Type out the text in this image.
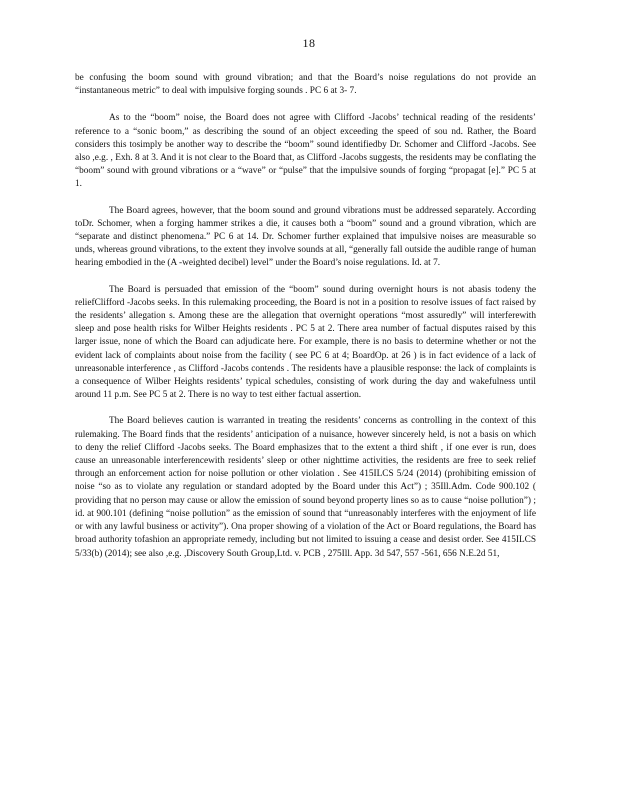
18

be confusing the boom sound with ground vibration; and that the Board’s noise regulations do not provide an “instantaneous metric” to deal with impulsive forging sounds . PC 6 at 3- 7.

As to the “boom” noise, the Board does not agree with Clifford -Jacobs’ technical reading of the residents’ reference to a “sonic boom,” as describing the sound of an object exceeding the speed of sou nd. Rather, the Board considers this tosimply be another way to describe the “boom” sound identifiedby Dr. Schomer and Clifford -Jacobs. See also ,e.g. , Exh. 8 at 3. And it is not clear to the Board that, as Clifford -Jacobs suggests, the residents may be conflating the “boom” sound with ground vibrations or a “wave” or “pulse” that the impulsive sounds of forging “propagat [e].” PC 5 at 1.

The Board agrees, however, that the boom sound and ground vibrations must be addressed separately. According toDr. Schomer, when a forging hammer strikes a die, it causes both a “boom” sound and a ground vibration, which are “separate and distinct phenomena.” PC 6 at 14. Dr. Schomer further explained that impulsive noises are measurable so unds, whereas ground vibrations, to the extent they involve sounds at all, “generally fall outside the audible range of human hearing embodied in the (A -weighted decibel) level” under the Board’s noise regulations. Id. at 7.

The Board is persuaded that emission of the “boom” sound during overnight hours is not abasis todeny the reliefClifford -Jacobs seeks. In this rulemaking proceeding, the Board is not in a position to resolve issues of fact raised by the residents’ allegation s. Among these are the allegation that overnight operations “most assuredly” will interferewith sleep and pose health risks for Wilber Heights residents . PC 5 at 2. There area number of factual disputes raised by this larger issue, none of which the Board can adjudicate here. For example, there is no basis to determine whether or not the evident lack of complaints about noise from the facility ( see PC 6 at 4; BoardOp. at 26 ) is in fact evidence of a lack of unreasonable interference , as Clifford -Jacobs contends . The residents have a plausible response: the lack of complaints is a consequence of Wilber Heights residents’ typical schedules, consisting of work during the day and wakefulness until around 11 p.m. See PC 5 at 2. There is no way to test either factual assertion.

The Board believes caution is warranted in treating the residents’ concerns as controlling in the context of this rulemaking. The Board finds that the residents’ anticipation of a nuisance, however sincerely held, is not a basis on which to deny the relief Clifford -Jacobs seeks. The Board emphasizes that to the extent a third shift , if one ever is run, does cause an unreasonable interferencewith residents’ sleep or other nighttime activities, the residents are free to seek relief through an enforcement action for noise pollution or other violation . See 415ILCS 5/24 (2014) (prohibiting emission of noise “so as to violate any regulation or standard adopted by the Board under this Act”) ; 35Ill.Adm. Code 900.102 ( providing that no person may cause or allow the emission of sound beyond property lines so as to cause “noise pollution”) ; id. at 900.101 (defining “noise pollution” as the emission of sound that “unreasonably interferes with the enjoyment of life or with any lawful business or activity”). Ona proper showing of a violation of the Act or Board regulations, the Board has broad authority tofashion an appropriate remedy, including but not limited to issuing a cease and desist order. See 415ILCS 5/33(b) (2014); see also ,e.g. ,Discovery South Group,Ltd. v. PCB , 275Ill. App. 3d 547, 557 -561, 656 N.E.2d 51,
